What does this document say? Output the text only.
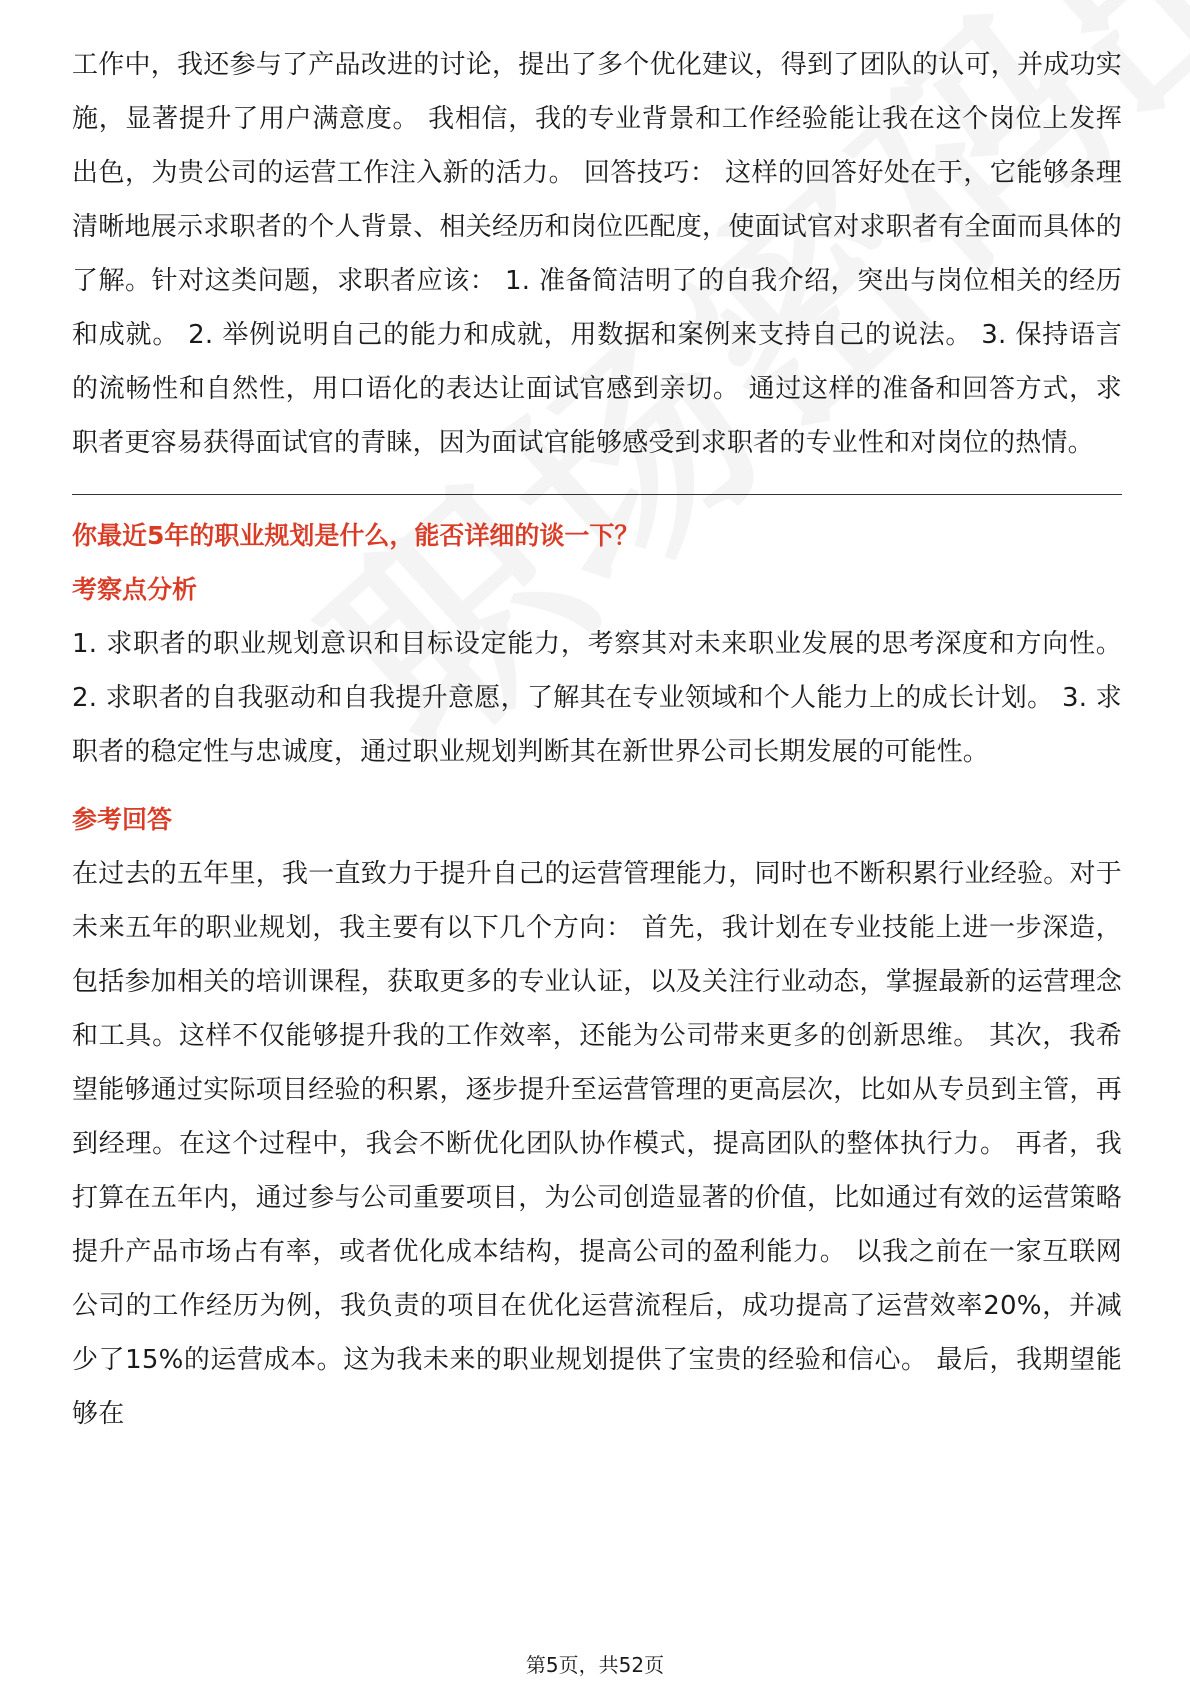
工作中，我还参与了产品改进的讨论，提出了多个优化建议，得到了团队的认可，并成功实施，显著提升了用户满意度。 我相信，我的专业背景和工作经验能让我在这个岗位上发挥出色，为贵公司的运营工作注入新的活力。 回答技巧： 这样的回答好处在于，它能够条理清晰地展示求职者的个人背景、相关经历和岗位匹配度，使面试官对求职者有全面而具体的了解。针对这类问题，求职者应该： 1. 准备简洁明了的自我介绍，突出与岗位相关的经历和成就。 2. 举例说明自己的能力和成就，用数据和案例来支持自己的说法。 3. 保持语言的流畅性和自然性，用口语化的表达让面试官感到亲切。 通过这样的准备和回答方式，求职者更容易获得面试官的青睐，因为面试官能够感受到求职者的专业性和对岗位的热情。

你最近5年的职业规划是什么，能否详细的谈一下？

考察点分析

1. 求职者的职业规划意识和目标设定能力，考察其对未来职业发展的思考深度和方向性。 2. 求职者的自我驱动和自我提升意愿，了解其在专业领域和个人能力上的成长计划。 3. 求职者的稳定性与忠诚度，通过职业规划判断其在新世界公司长期发展的可能性。

参考回答

在过去的五年里，我一直致力于提升自己的运营管理能力，同时也不断积累行业经验。对于未来五年的职业规划，我主要有以下几个方向： 首先，我计划在专业技能上进一步深造，包括参加相关的培训课程，获取更多的专业认证，以及关注行业动态，掌握最新的运营理念和工具。这样不仅能够提升我的工作效率，还能为公司带来更多的创新思维。 其次，我希望能够通过实际项目经验的积累，逐步提升至运营管理的更高层次，比如从专员到主管，再到经理。在这个过程中，我会不断优化团队协作模式，提高团队的整体执行力。 再者，我打算在五年内，通过参与公司重要项目，为公司创造显著的价值，比如通过有效的运营策略提升产品市场占有率，或者优化成本结构，提高公司的盈利能力。 以我之前在一家互联网公司的工作经历为例，我负责的项目在优化运营流程后，成功提高了运营效率20%，并减少了15%的运营成本。这为我未来的职业规划提供了宝贵的经验和信心。 最后，我期望能够在

第5页，共52页
